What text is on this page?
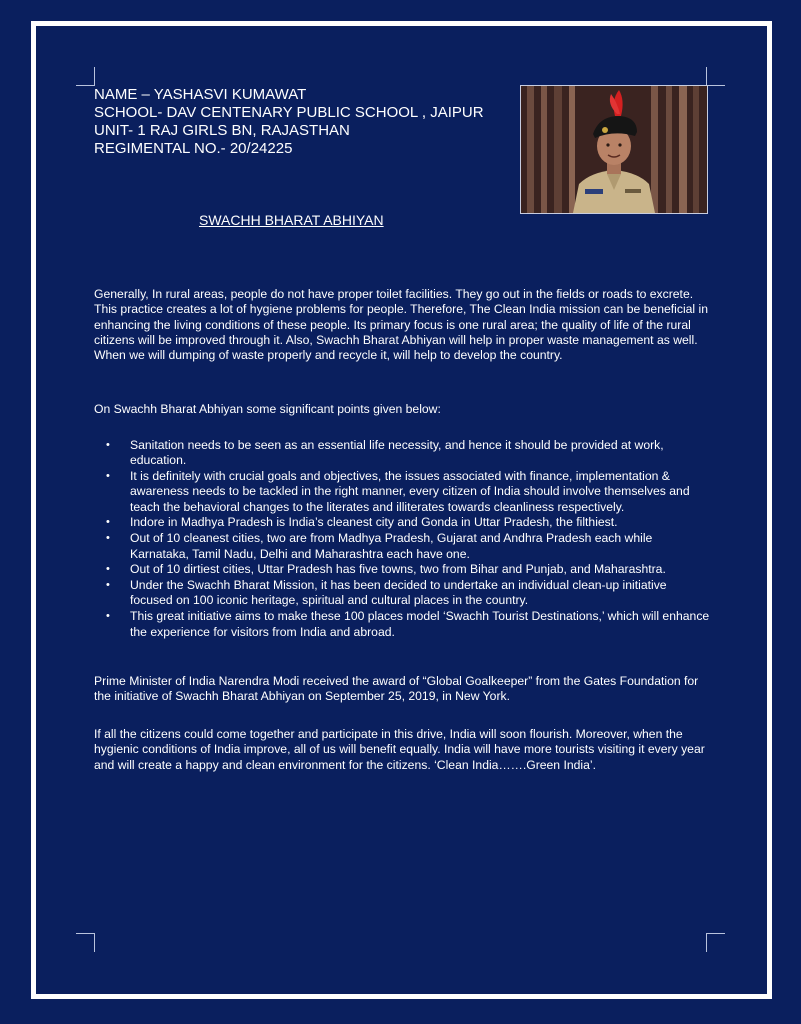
NAME – YASHASVI KUMAWAT
SCHOOL- DAV CENTENARY PUBLIC SCHOOL , JAIPUR
UNIT- 1 RAJ GIRLS BN, RAJASTHAN
REGIMENTAL NO.- 20/24225
SWACHH BHARAT ABHIYAN

Generally, In rural areas, people do not have proper toilet facilities. They go out in the fields or roads to excrete. This practice creates a lot of hygiene problems for people. Therefore, The Clean India mission can be beneficial in enhancing the living conditions of these people. Its primary focus is one rural area; the quality of life of the rural citizens will be improved through it. Also, Swachh Bharat Abhiyan will help in proper waste management as well. When we will dumping of waste properly and recycle it, will help to develop the country.

On Swachh Bharat Abhiyan some significant points given below:
• Sanitation needs to be seen as an essential life necessity, and hence it should be provided at work, education.
• It is definitely with crucial goals and objectives, the issues associated with finance, implementation & awareness needs to be tackled in the right manner, every citizen of India should involve themselves and teach the behavioral changes to the literates and illiterates towards cleanliness respectively.
• Indore in Madhya Pradesh is India’s cleanest city and Gonda in Uttar Pradesh, the filthiest.
• Out of 10 cleanest cities, two are from Madhya Pradesh, Gujarat and Andhra Pradesh each while Karnataka, Tamil Nadu, Delhi and Maharashtra each have one.
• Out of 10 dirtiest cities, Uttar Pradesh has five towns, two from Bihar and Punjab, and Maharashtra.
• Under the Swachh Bharat Mission, it has been decided to undertake an individual clean-up initiative focused on 100 iconic heritage, spiritual and cultural places in the country.
• This great initiative aims to make these 100 places model ‘Swachh Tourist Destinations,’ which will enhance the experience for visitors from India and abroad.

Prime Minister of India Narendra Modi received the award of “Global Goalkeeper” from the Gates Foundation for the initiative of Swachh Bharat Abhiyan on September 25, 2019, in New York.

If all the citizens could come together and participate in this drive, India will soon flourish. Moreover, when the hygienic conditions of India improve, all of us will benefit equally. India will have more tourists visiting it every year and will create a happy and clean environment for the citizens. ‘Clean India…….Green India’.
